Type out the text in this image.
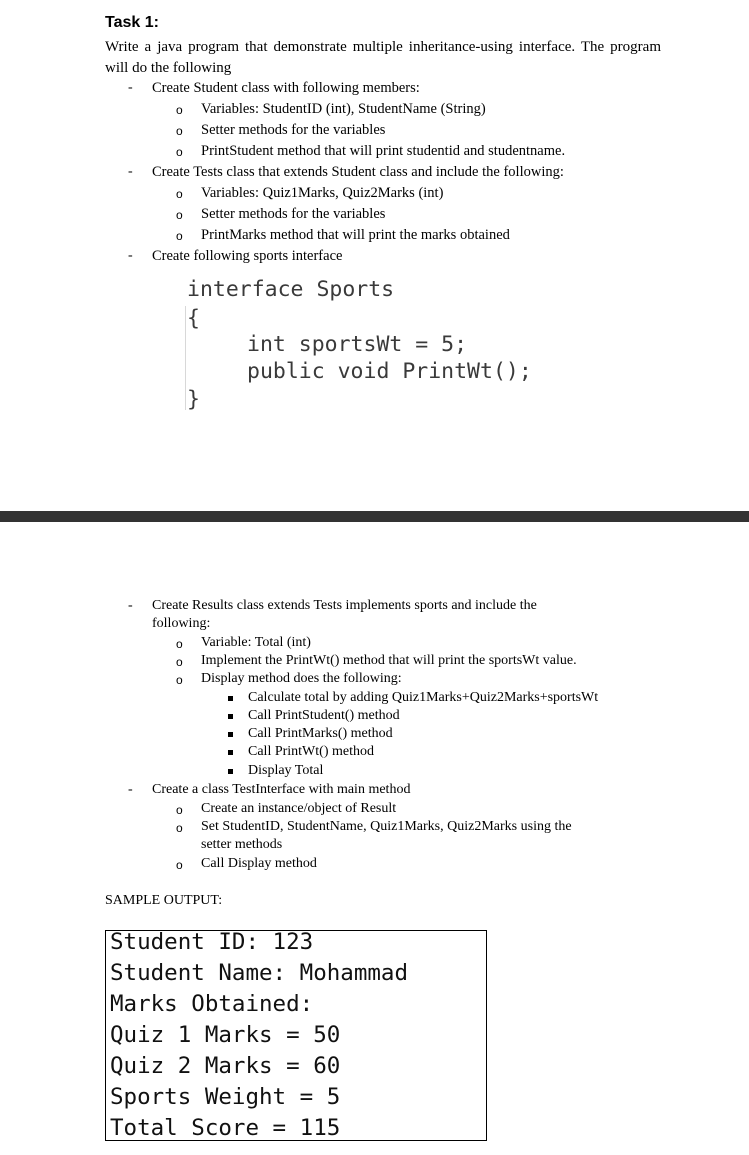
Task 1:
Write a java program that demonstrate multiple inheritance-using interface. The program will do the following
- Create Student class with following members:
o Variables: StudentID (int), StudentName (String)
o Setter methods for the variables
o PrintStudent method that will print studentid and studentname.
- Create Tests class that extends Student class and include the following:
o Variables: Quiz1Marks, Quiz2Marks (int)
o Setter methods for the variables
o PrintMarks method that will print the marks obtained
- Create following sports interface
interface Sports
{
int sportsWt = 5;
public void PrintWt();
}
- Create Results class extends Tests implements sports and include the
following:
o Variable: Total (int)
o Implement the PrintWt() method that will print the sportsWt value.
o Display method does the following:
Calculate total by adding Quiz1Marks+Quiz2Marks+sportsWt
Call PrintStudent() method
Call PrintMarks() method
Call PrintWt() method
Display Total
- Create a class TestInterface with main method
o Create an instance/object of Result
o Set StudentID, StudentName, Quiz1Marks, Quiz2Marks using the
setter methods
o Call Display method
SAMPLE OUTPUT:
Student ID: 123
Student Name: Mohammad
Marks Obtained:
Quiz 1 Marks = 50
Quiz 2 Marks = 60
Sports Weight = 5
Total Score = 115
